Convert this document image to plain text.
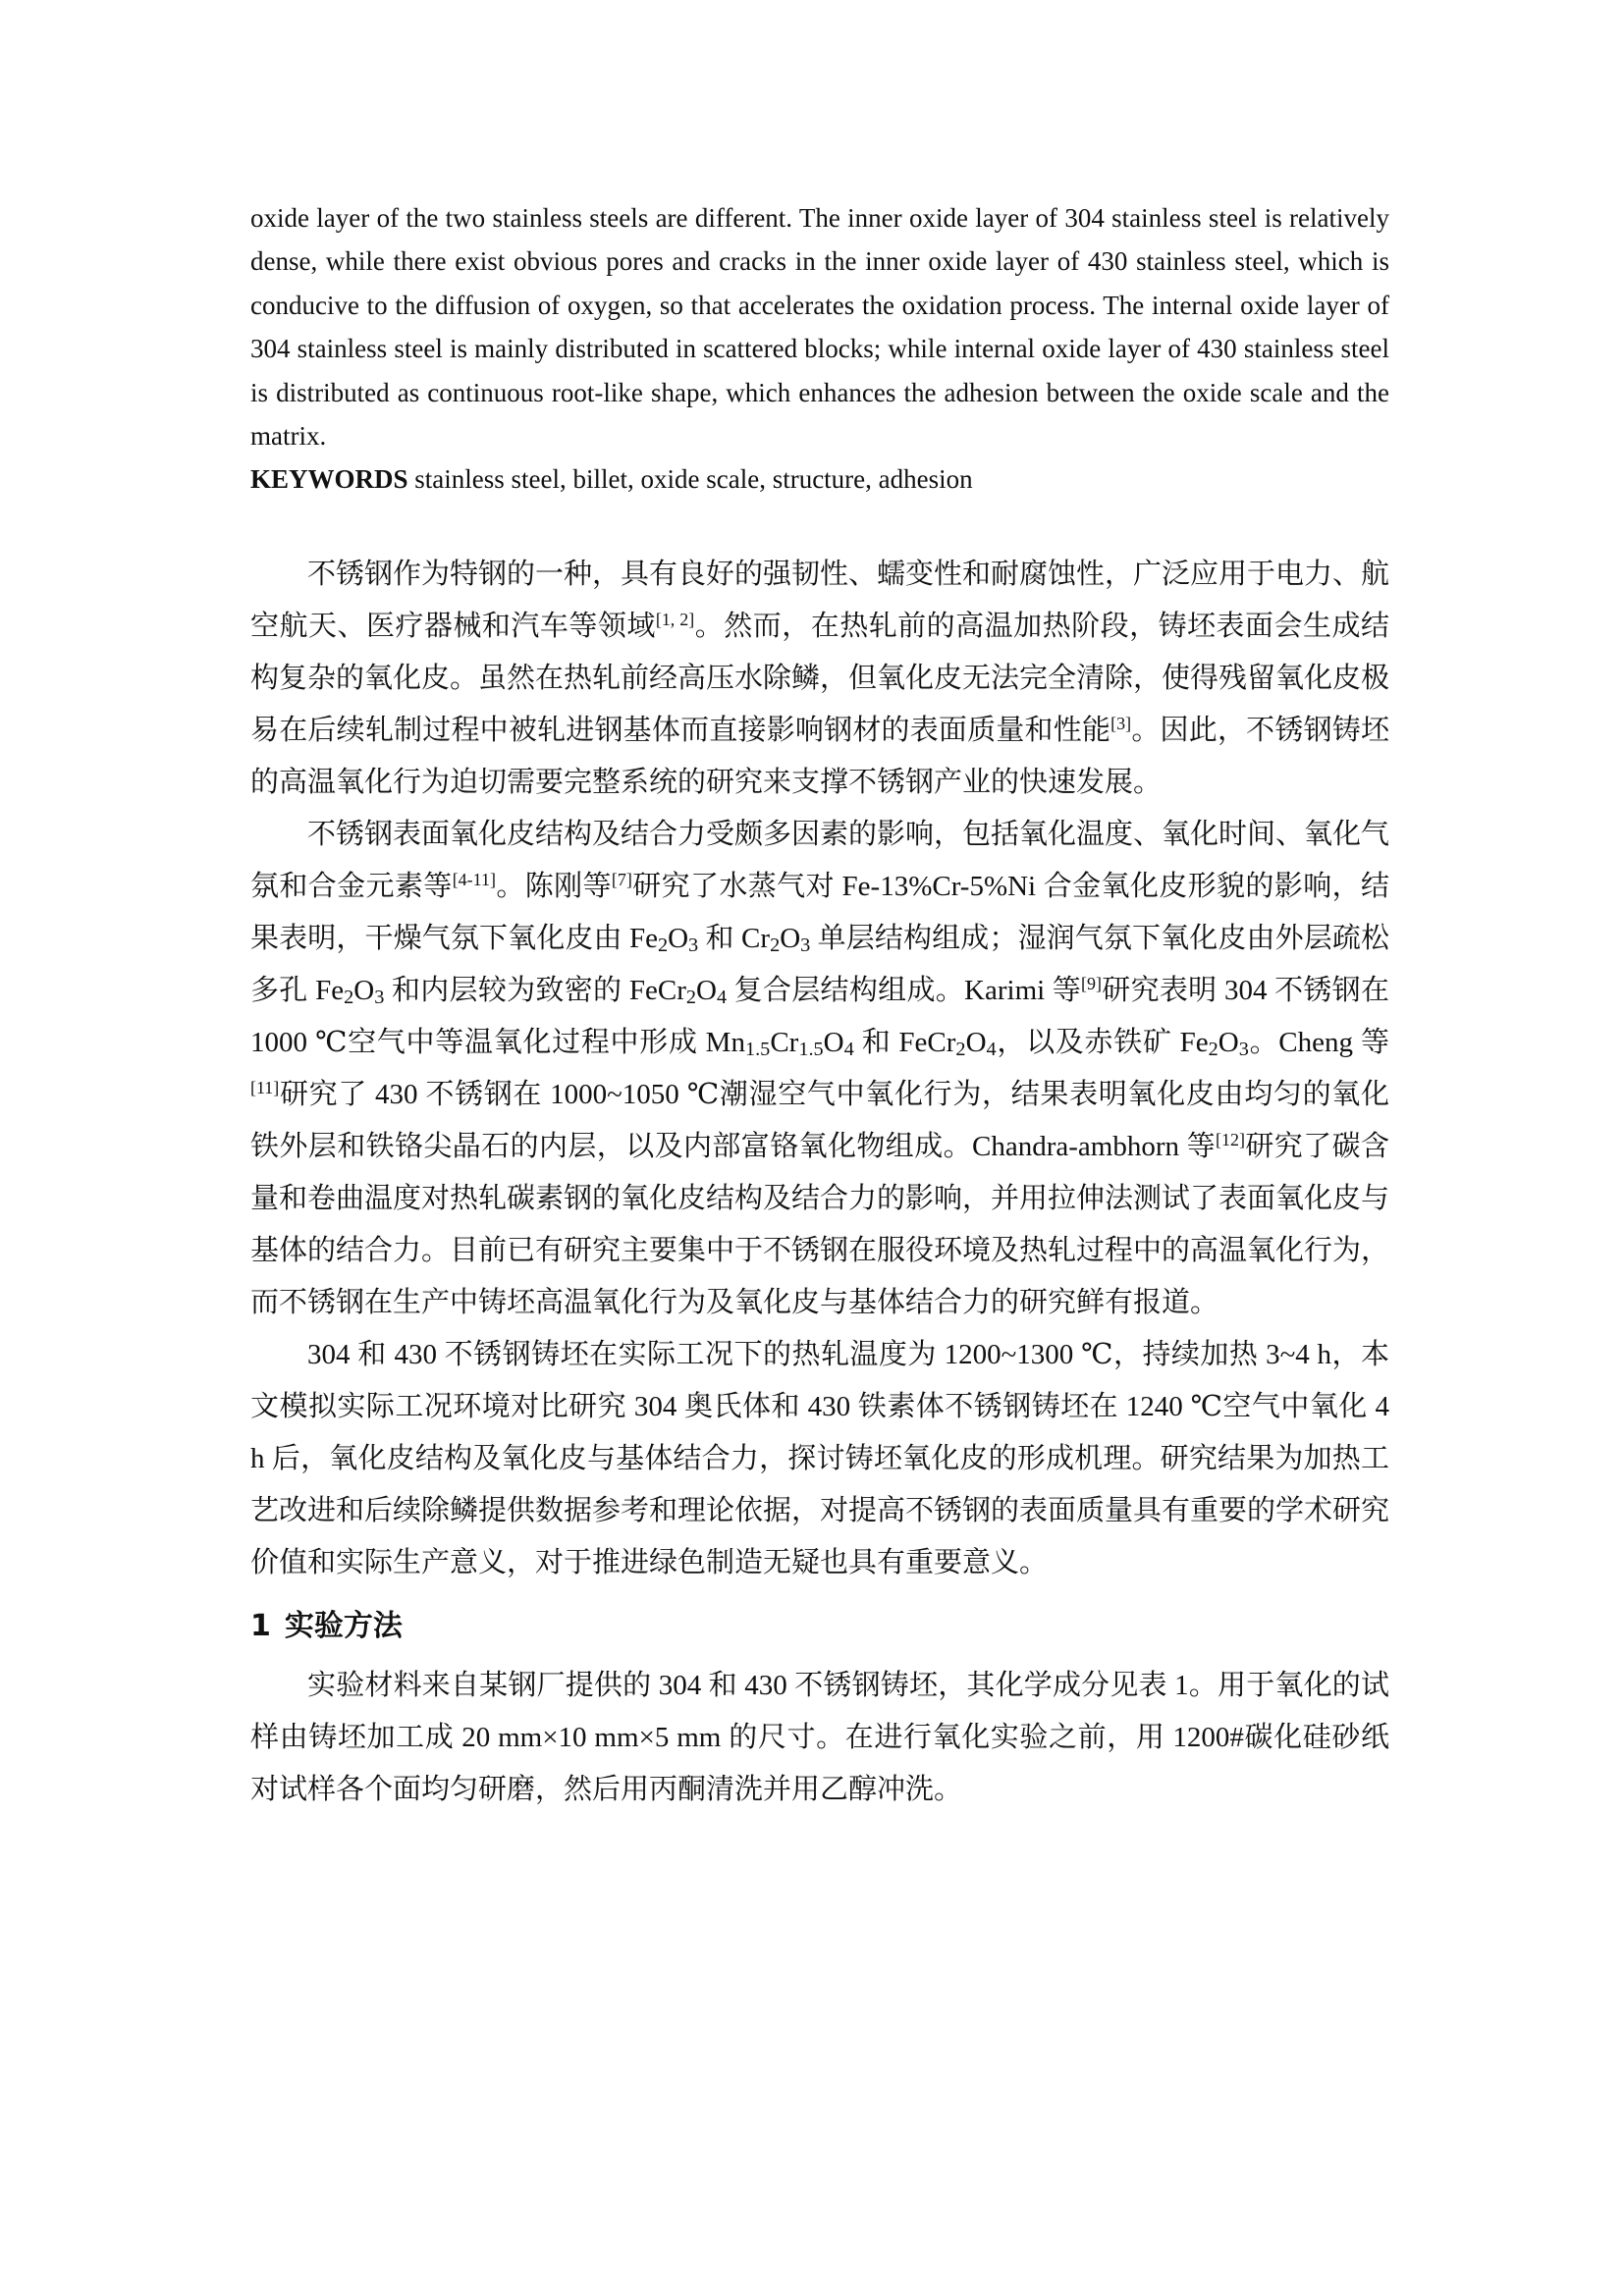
oxide layer of the two stainless steels are different. The inner oxide layer of 304 stainless steel is relatively dense, while there exist obvious pores and cracks in the inner oxide layer of 430 stainless steel, which is conducive to the diffusion of oxygen, so that accelerates the oxidation process. The internal oxide layer of 304 stainless steel is mainly distributed in scattered blocks; while internal oxide layer of 430 stainless steel is distributed as continuous root-like shape, which enhances the adhesion between the oxide scale and the matrix.

KEYWORDS stainless steel, billet, oxide scale, structure, adhesion

不锈钢作为特钢的一种，具有良好的强韧性、蠕变性和耐腐蚀性，广泛应用于电力、航空航天、医疗器械和汽车等领域[1, 2]。然而，在热轧前的高温加热阶段，铸坯表面会生成结构复杂的氧化皮。虽然在热轧前经高压水除鳞，但氧化皮无法完全清除，使得残留氧化皮极易在后续轧制过程中被轧进钢基体而直接影响钢材的表面质量和性能[3]。因此，不锈钢铸坯的高温氧化行为迫切需要完整系统的研究来支撑不锈钢产业的快速发展。

不锈钢表面氧化皮结构及结合力受颇多因素的影响，包括氧化温度、氧化时间、氧化气氛和合金元素等[4-11]。陈刚等[7]研究了水蒸气对 Fe-13%Cr-5%Ni 合金氧化皮形貌的影响，结果表明，干燥气氛下氧化皮由 $Fe_2O_3$ 和 $Cr_2O_3$ 单层结构组成；湿润气氛下氧化皮由外层疏松多孔 $Fe_2O_3$ 和内层较为致密的 $FeCr_2O_4$ 复合层结构组成。Karimi 等[9]研究表明 304 不锈钢在 1000 ℃空气中等温氧化过程中形成 $Mn_{1.5}Cr_{1.5}O_4$ 和 $FeCr_2O_4$，以及赤铁矿 $Fe_2O_3$。Cheng 等[11]研究了 430 不锈钢在 1000~1050 ℃潮湿空气中氧化行为，结果表明氧化皮由均匀的氧化铁外层和铁铬尖晶石的内层，以及内部富铬氧化物组成。Chandra-ambhorn 等[12]研究了碳含量和卷曲温度对热轧碳素钢的氧化皮结构及结合力的影响，并用拉伸法测试了表面氧化皮与基体的结合力。目前已有研究主要集中于不锈钢在服役环境及热轧过程中的高温氧化行为，而不锈钢在生产中铸坯高温氧化行为及氧化皮与基体结合力的研究鲜有报道。

304 和 430 不锈钢铸坯在实际工况下的热轧温度为 1200~1300 ℃，持续加热 3~4 h，本文模拟实际工况环境对比研究 304 奥氏体和 430 铁素体不锈钢铸坯在 1240 ℃空气中氧化 4 h 后，氧化皮结构及氧化皮与基体结合力，探讨铸坯氧化皮的形成机理。研究结果为加热工艺改进和后续除鳞提供数据参考和理论依据，对提高不锈钢的表面质量具有重要的学术研究价值和实际生产意义，对于推进绿色制造无疑也具有重要意义。

1 实验方法

实验材料来自某钢厂提供的 304 和 430 不锈钢铸坯，其化学成分见表 1。用于氧化的试样由铸坯加工成 20 mm×10 mm×5 mm 的尺寸。在进行氧化实验之前，用 1200#碳化硅砂纸对试样各个面均匀研磨，然后用丙酮清洗并用乙醇冲洗。
